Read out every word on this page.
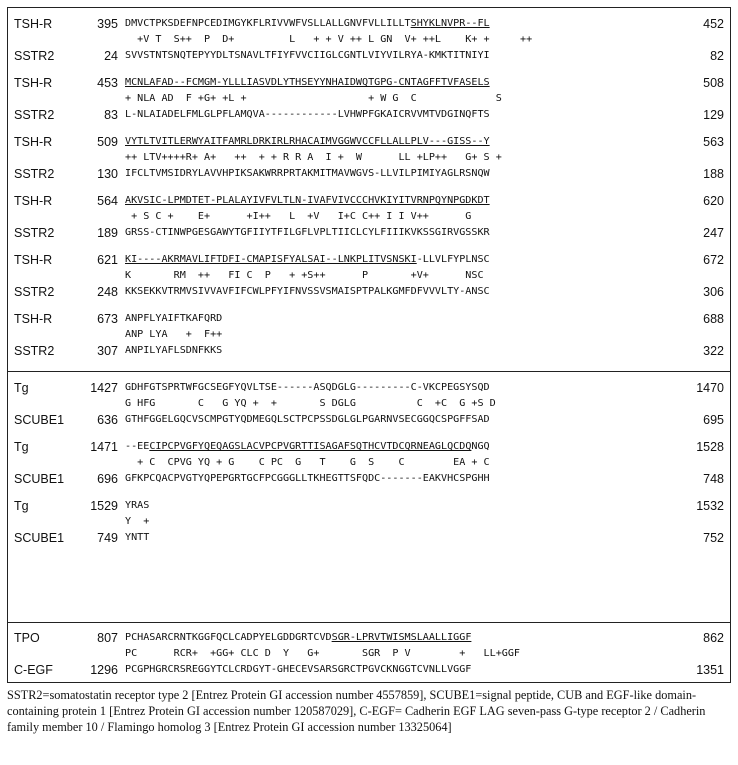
TSH-R	395 DMVCTPKSDEFNPCEDIMGYKFLRIVVWFVSLLALLGNVFVLLILLTSHYKLNVPR--FL	452
+V T  S++  P  D+         L   + + V ++ L GN  V+ ++L    K+ +     ++
SSTR2	24 SVVSTNTSNQTEPYYDLTSNAVLTFIYFVVCIIGLCGNTLVIYVILRYA-KMKTITNIYI	82
TSH-R	453 MCNLAFAD--FCMGM-YLLLIASVDLYTHSEYYNHAIDWQTGPG-CNTAGFFTVFASELS	508
+ NLA AD  F +G+ +L +                    + W G  C             S
SSTR2	83 L-NLAIADELFMLGLPFLAMQVA------------LVHWPFGKAICRVVMTVDGINQFTS	129
TSH-R	509 VYTLTVITLERWYAITFAMRLDRKIRLRHACAIMVGGWVCCFLLALLPLV---GISS--Y	563
++ LTV++++R+ A+   ++  + + R R A  I +  W      LL +LP++   G+ S +
SSTR2	130 IFCLTVMSIDRYLAVVHPIKSAKWRRPRTAKMITMAVWGVS-LLVILPIMIYAGLRSNQW	188
TSH-R	564 AKVSIC-LPMDTET-PLALAYIVFVLTLN-IVAFVIVCCCHVKIYITVRNPQYNPGDKDT	620
+ S C +    E+      +I++   L  +V   I+C C++ I I V++      G
SSTR2	189 GRSS-CTINWPGESGAWYTGFIIYTFILGFLVPLTIICLCYLFIIIKVKSSGIRVGSSKR	247
TSH-R	621 KI----AKRMAVLIFTDFI-CMAPISFYALSAI--LNKPLITVSNSKI-LLVLFYPLNSC	672
K       RM  ++   FI C  P   + +S++      P       +V+      NSC
SSTR2	248 KKSEKKVTRMVSIVVAVFIFCWLPFYIFNVSSVSMAISPTPALKGMFDFVVVLTY-ANSC	306
TSH-R	673 ANPFLYAIFTKAFQRD	688
ANP LYA   +  F++
SSTR2	307 ANPILYAFLSDNFKKS	322
Tg	1427 GDHFGTSPRTWFGCSEGFYQVLTSE------ASQDGLG---------C-VKCPEGSYSQD	1470
G HFG       C   G YQ +  +       S DGLG          C  +C  G +S D
SCUBE1	636 GTHFGGELGQCVSCMPGTYQDMEGQLSCTPCPSSDGLGLPGARNVSECGGQCSPGFFSAD	695
Tg	1471 --EECIPCPVGFYQEQAGSLACVPCPVGRTTISAGAFSQTHCVTDCQRNEAGLQCDQNGQ	1528
+ C  CPVG YQ + G    C PC  G   T    G  S    C        EA + C
SCUBE1	696 GFKPCQACPVGTYQPEPGRTGCFPCGGGLLTKHEGTTSFQDC-------EAKVHCSPGHH	748
Tg	1529 YRAS	1532
Y  +
SCUBE1	749 YNTT	752
TPO	807 PCHASARCRNTKGGFQCLCADPYELGDDGRTCVDSGR-LPRVTWISMSLAALLIGGF	862
PC      RCR+  +GG+ CLC D  Y   G+       SGR  P V        +   LL+GGF
C-EGF	1296 PCGPHGRCRSREGGYTCLCRDGYT-GHECEVSARSGRCTPGVCKNGGTCVNLLVGGF	1351
SSTR2=somatostatin receptor type 2 [Entrez Protein GI accession number 4557859], SCUBE1=signal peptide, CUB and EGF-like domain-containing protein 1 [Entrez Protein GI accession number 120587029], C-EGF= Cadherin EGF LAG seven-pass G-type receptor 2 / Cadherin family member 10 / Flamingo homolog 3 [Entrez Protein GI accession number 13325064]
